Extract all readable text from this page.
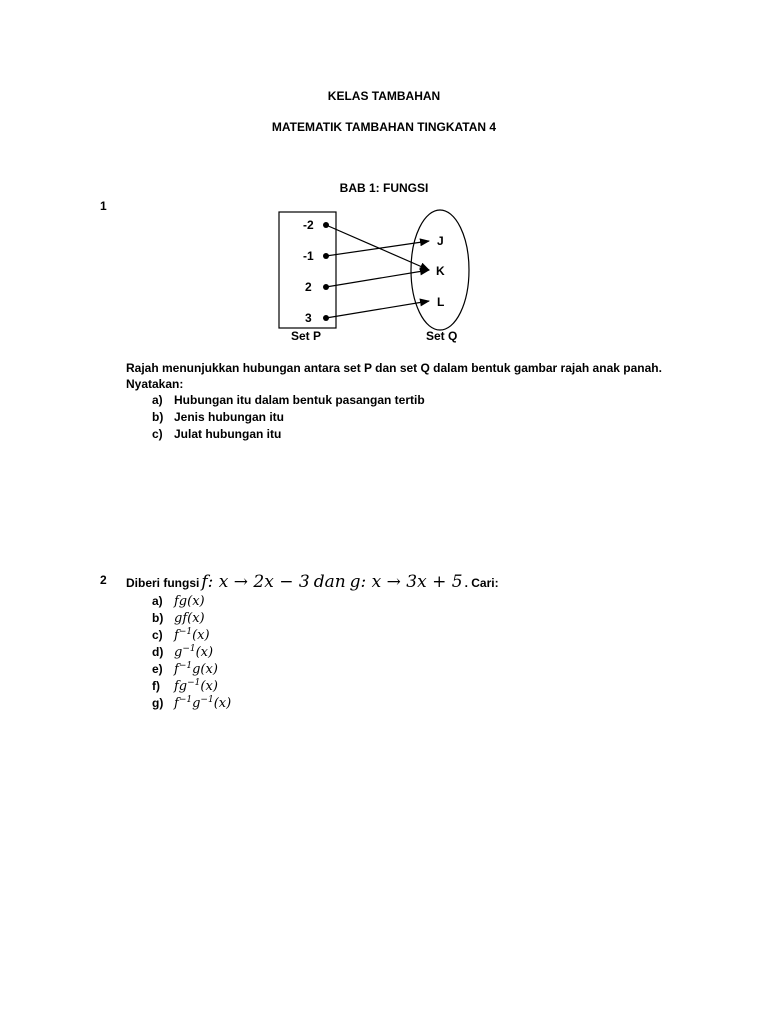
KELAS TAMBAHAN
MATEMATIK TAMBAHAN TINGKATAN 4
BAB 1: FUNGSI
1
-2
-1
2
3
J
K
L
Set P	Set Q
Rajah menunjukkan hubungan antara set P dan set Q dalam bentuk gambar rajah anak panah.
Nyatakan:
a) Hubungan itu dalam bentuk pasangan tertib
b) Jenis hubungan itu
c) Julat hubungan itu
2 Diberi fungsi f: x → 2x − 3 dan g: x → 3x + 5 . Cari:
a) fg(x)
b) gf(x)
c) $f^{-1}(x)$
d) $g^{-1}(x)$
e) $f^{-1}g(x)$
f)	$fg^{-1}(x)$
g) $f^{-1}g^{-1}(x)$
